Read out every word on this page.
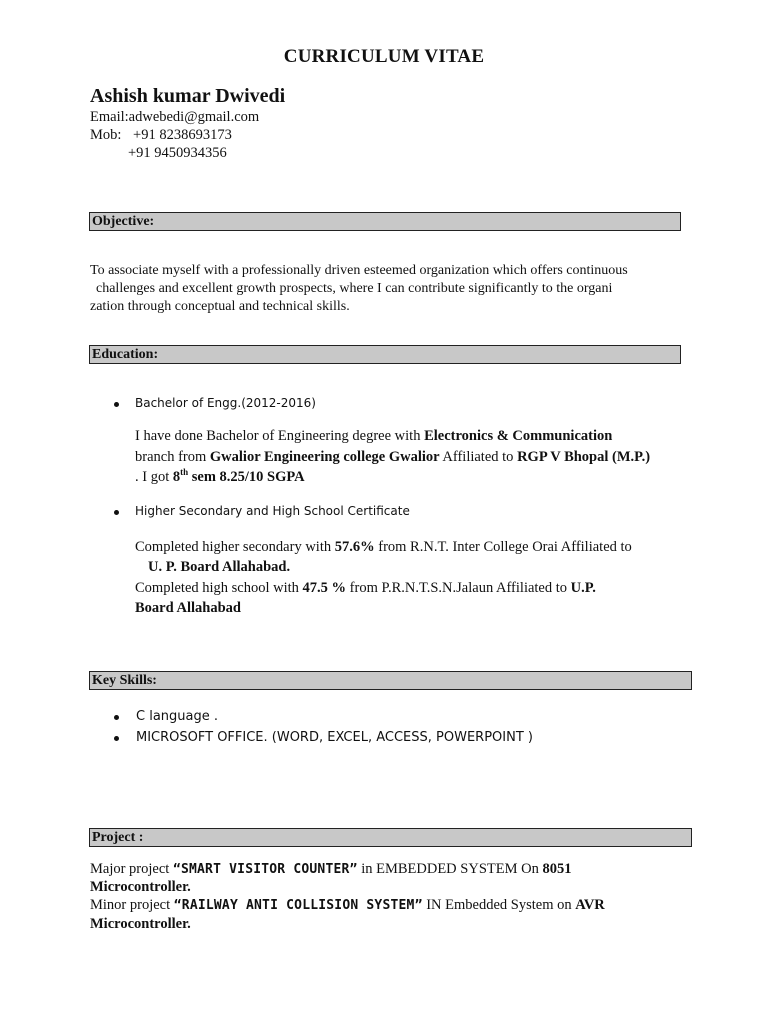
CURRICULUM VITAE
Ashish kumar Dwivedi
Email:adwebedi@gmail.com
Mob: +91 8238693173
+91 9450934356
Objective:
To associate myself with a professionally driven esteemed organization which offers continuous
challenges and excellent growth prospects, where I can contribute significantly to the organi
zation through conceptual and technical skills.
Education:
Bachelor of Engg.(2012-2016)
I have done Bachelor of Engineering degree with Electronics & Communication
branch from Gwalior Engineering college Gwalior Affiliated to RGP V Bhopal (M.P.)
. I got 8th sem 8.25/10 SGPA
Higher Secondary and High School Certificate
Completed higher secondary with 57.6% from R.N.T. Inter College Orai Affiliated to
U. P. Board Allahabad.
Completed high school with 47.5 % from P.R.N.T.S.N.Jalaun Affiliated to U.P.
Board Allahabad
Key Skills:
C language .
MICROSOFT OFFICE. (WORD, EXCEL, ACCESS, POWERPOINT )
Project :
Major project “SMART VISITOR COUNTER” in EMBEDDED SYSTEM On 8051
Microcontroller.
Minor project “RAILWAY ANTI COLLISION SYSTEM” IN Embedded System on AVR
Microcontroller.
